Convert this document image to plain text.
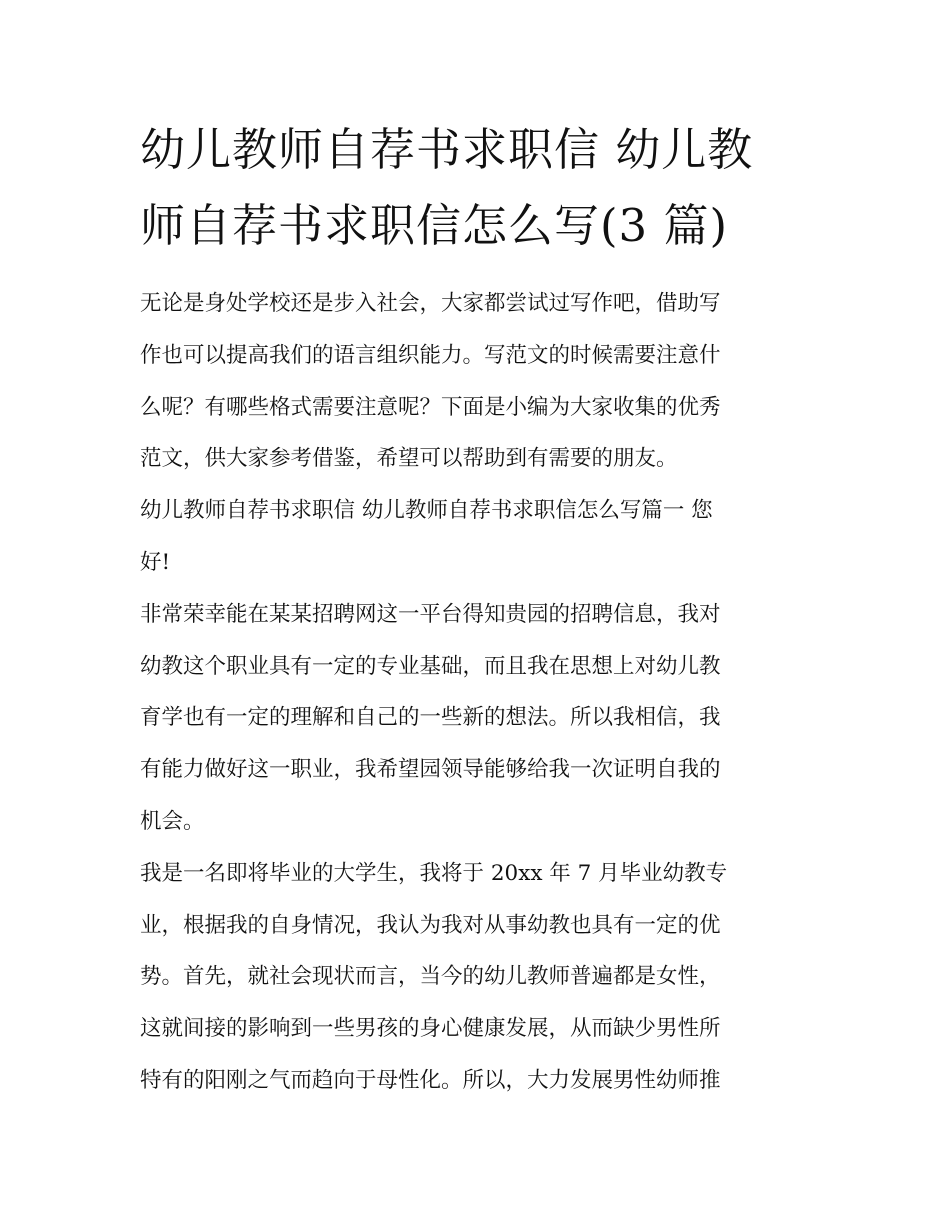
幼儿教师自荐书求职信 幼儿教
师自荐书求职信怎么写(3 篇)
无论是身处学校还是步入社会，大家都尝试过写作吧，借助写
作也可以提高我们的语言组织能力。写范文的时候需要注意什
么呢？有哪些格式需要注意呢？下面是小编为大家收集的优秀
范文，供大家参考借鉴，希望可以帮助到有需要的朋友。
幼儿教师自荐书求职信 幼儿教师自荐书求职信怎么写篇一 您
好!
非常荣幸能在某某招聘网这一平台得知贵园的招聘信息，我对
幼教这个职业具有一定的专业基础，而且我在思想上对幼儿教
育学也有一定的理解和自己的一些新的想法。所以我相信，我
有能力做好这一职业，我希望园领导能够给我一次证明自我的
机会。
我是一名即将毕业的大学生，我将于 20xx 年 7 月毕业幼教专
业，根据我的自身情况，我认为我对从事幼教也具有一定的优
势。首先，就社会现状而言，当今的幼儿教师普遍都是女性，
这就间接的影响到一些男孩的身心健康发展，从而缺少男性所
特有的阳刚之气而趋向于母性化。所以，大力发展男性幼师推
